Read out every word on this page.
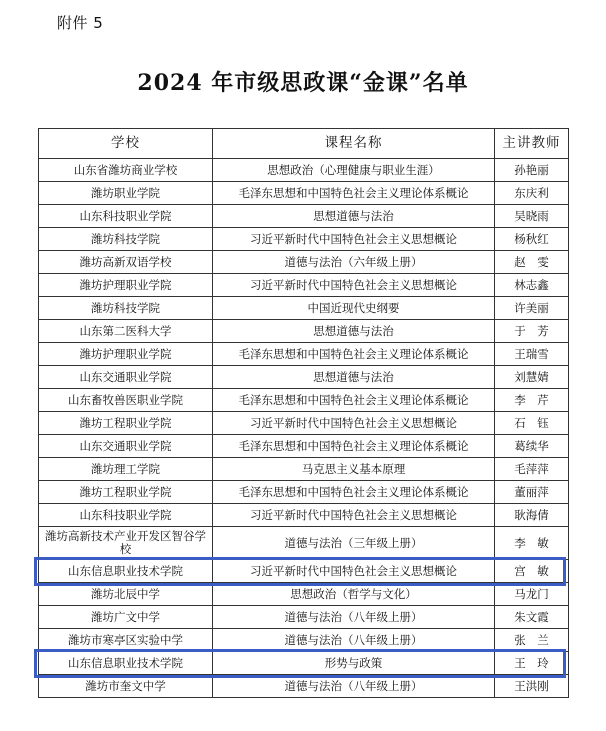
附件 5
2024 年市级思政课“金课”名单
学校	课程名称	主讲教师
山东省潍坊商业学校	思想政治（心理健康与职业生涯）	孙艳丽
潍坊职业学院	毛泽东思想和中国特色社会主义理论体系概论	东庆利
山东科技职业学院	思想道德与法治	吴晓雨
潍坊科技学院	习近平新时代中国特色社会主义思想概论	杨秋红
潍坊高新双语学校	道德与法治（六年级上册）	赵　雯
潍坊护理职业学院	习近平新时代中国特色社会主义思想概论	林志鑫
潍坊科技学院	中国近现代史纲要	许美丽
山东第二医科大学	思想道德与法治	于　芳
潍坊护理职业学院	毛泽东思想和中国特色社会主义理论体系概论	王瑞雪
山东交通职业学院	思想道德与法治	刘慧婧
山东畜牧兽医职业学院	毛泽东思想和中国特色社会主义理论体系概论	李　芹
潍坊工程职业学院	习近平新时代中国特色社会主义思想概论	石　钰
山东交通职业学院	毛泽东思想和中国特色社会主义理论体系概论	葛续华
潍坊理工学院	马克思主义基本原理	毛萍萍
潍坊工程职业学院	毛泽东思想和中国特色社会主义理论体系概论	董丽萍
山东科技职业学院	习近平新时代中国特色社会主义思想概论	耿海倩
潍坊高新技术产业开发区智谷学校	道德与法治（三年级上册）	李　敏
山东信息职业技术学院	习近平新时代中国特色社会主义思想概论	宫　敏
潍坊北辰中学	思想政治（哲学与文化）	马龙门
潍坊广文中学	道德与法治（八年级上册）	朱文霞
潍坊市寒亭区实验中学	道德与法治（八年级上册）	张　兰
山东信息职业技术学院	形势与政策	王　玲
潍坊市奎文中学	道德与法治（八年级上册）	王洪刚
